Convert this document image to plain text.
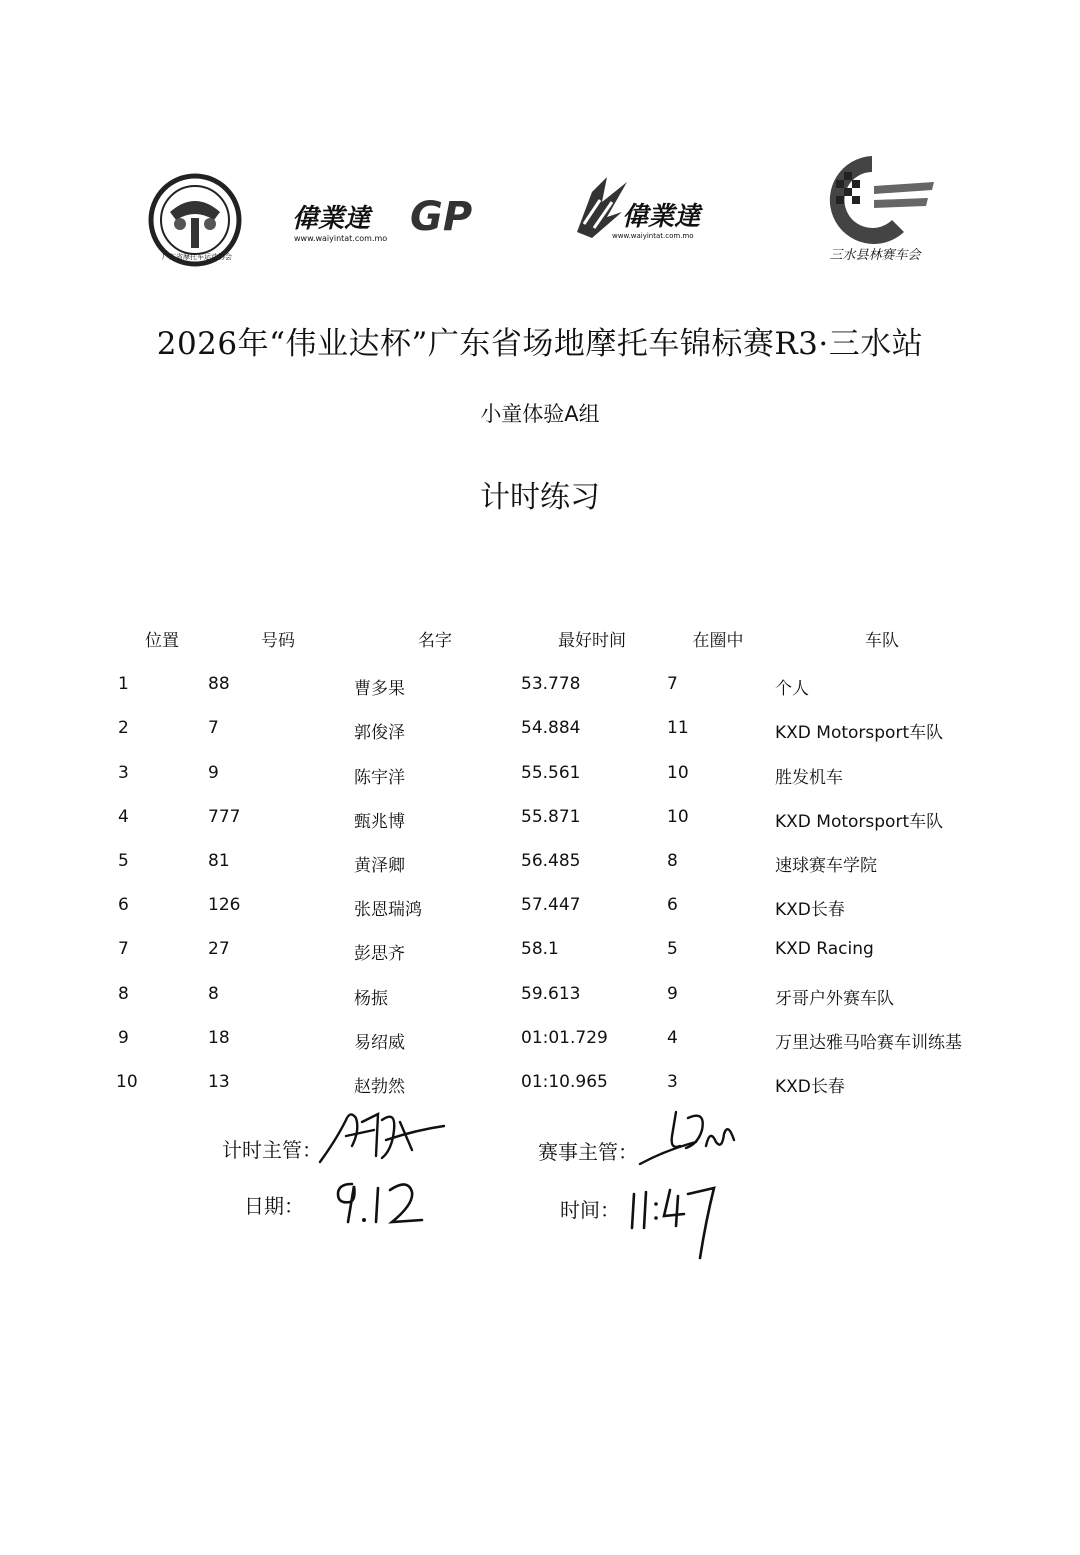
广东省摩托车运动协会
偉業達 GP
www.waiyintat.com.mo
偉業達
www.waiyintat.com.mo
三水县林赛车会
2026年“伟业达杯”广东省场地摩托车锦标赛R3·三水站
小童体验A组
计时练习
位置	号码	名字	最好时间	在圈中	车队
1	88	曹多果	53.778	7	个人
2	7	郭俊泽	54.884	11	KXD Motorsport车队
3	9	陈宇洋	55.561	10	胜发机车
4	777	甄兆博	55.871	10	KXD Motorsport车队
5	81	黄泽卿	56.485	8	速球赛车学院
6	126	张恩瑞鸿	57.447	6	KXD长春
7	27	彭思齐	58.1	5	KXD Racing
8	8	杨振	59.613	9	牙哥户外赛车队
9	18	易绍威	01:01.729	4	万里达雅马哈赛车训练基
10	13	赵勃然	01:10.965	3	KXD长春
计时主管：	赛事主管：
日期：	时间：
